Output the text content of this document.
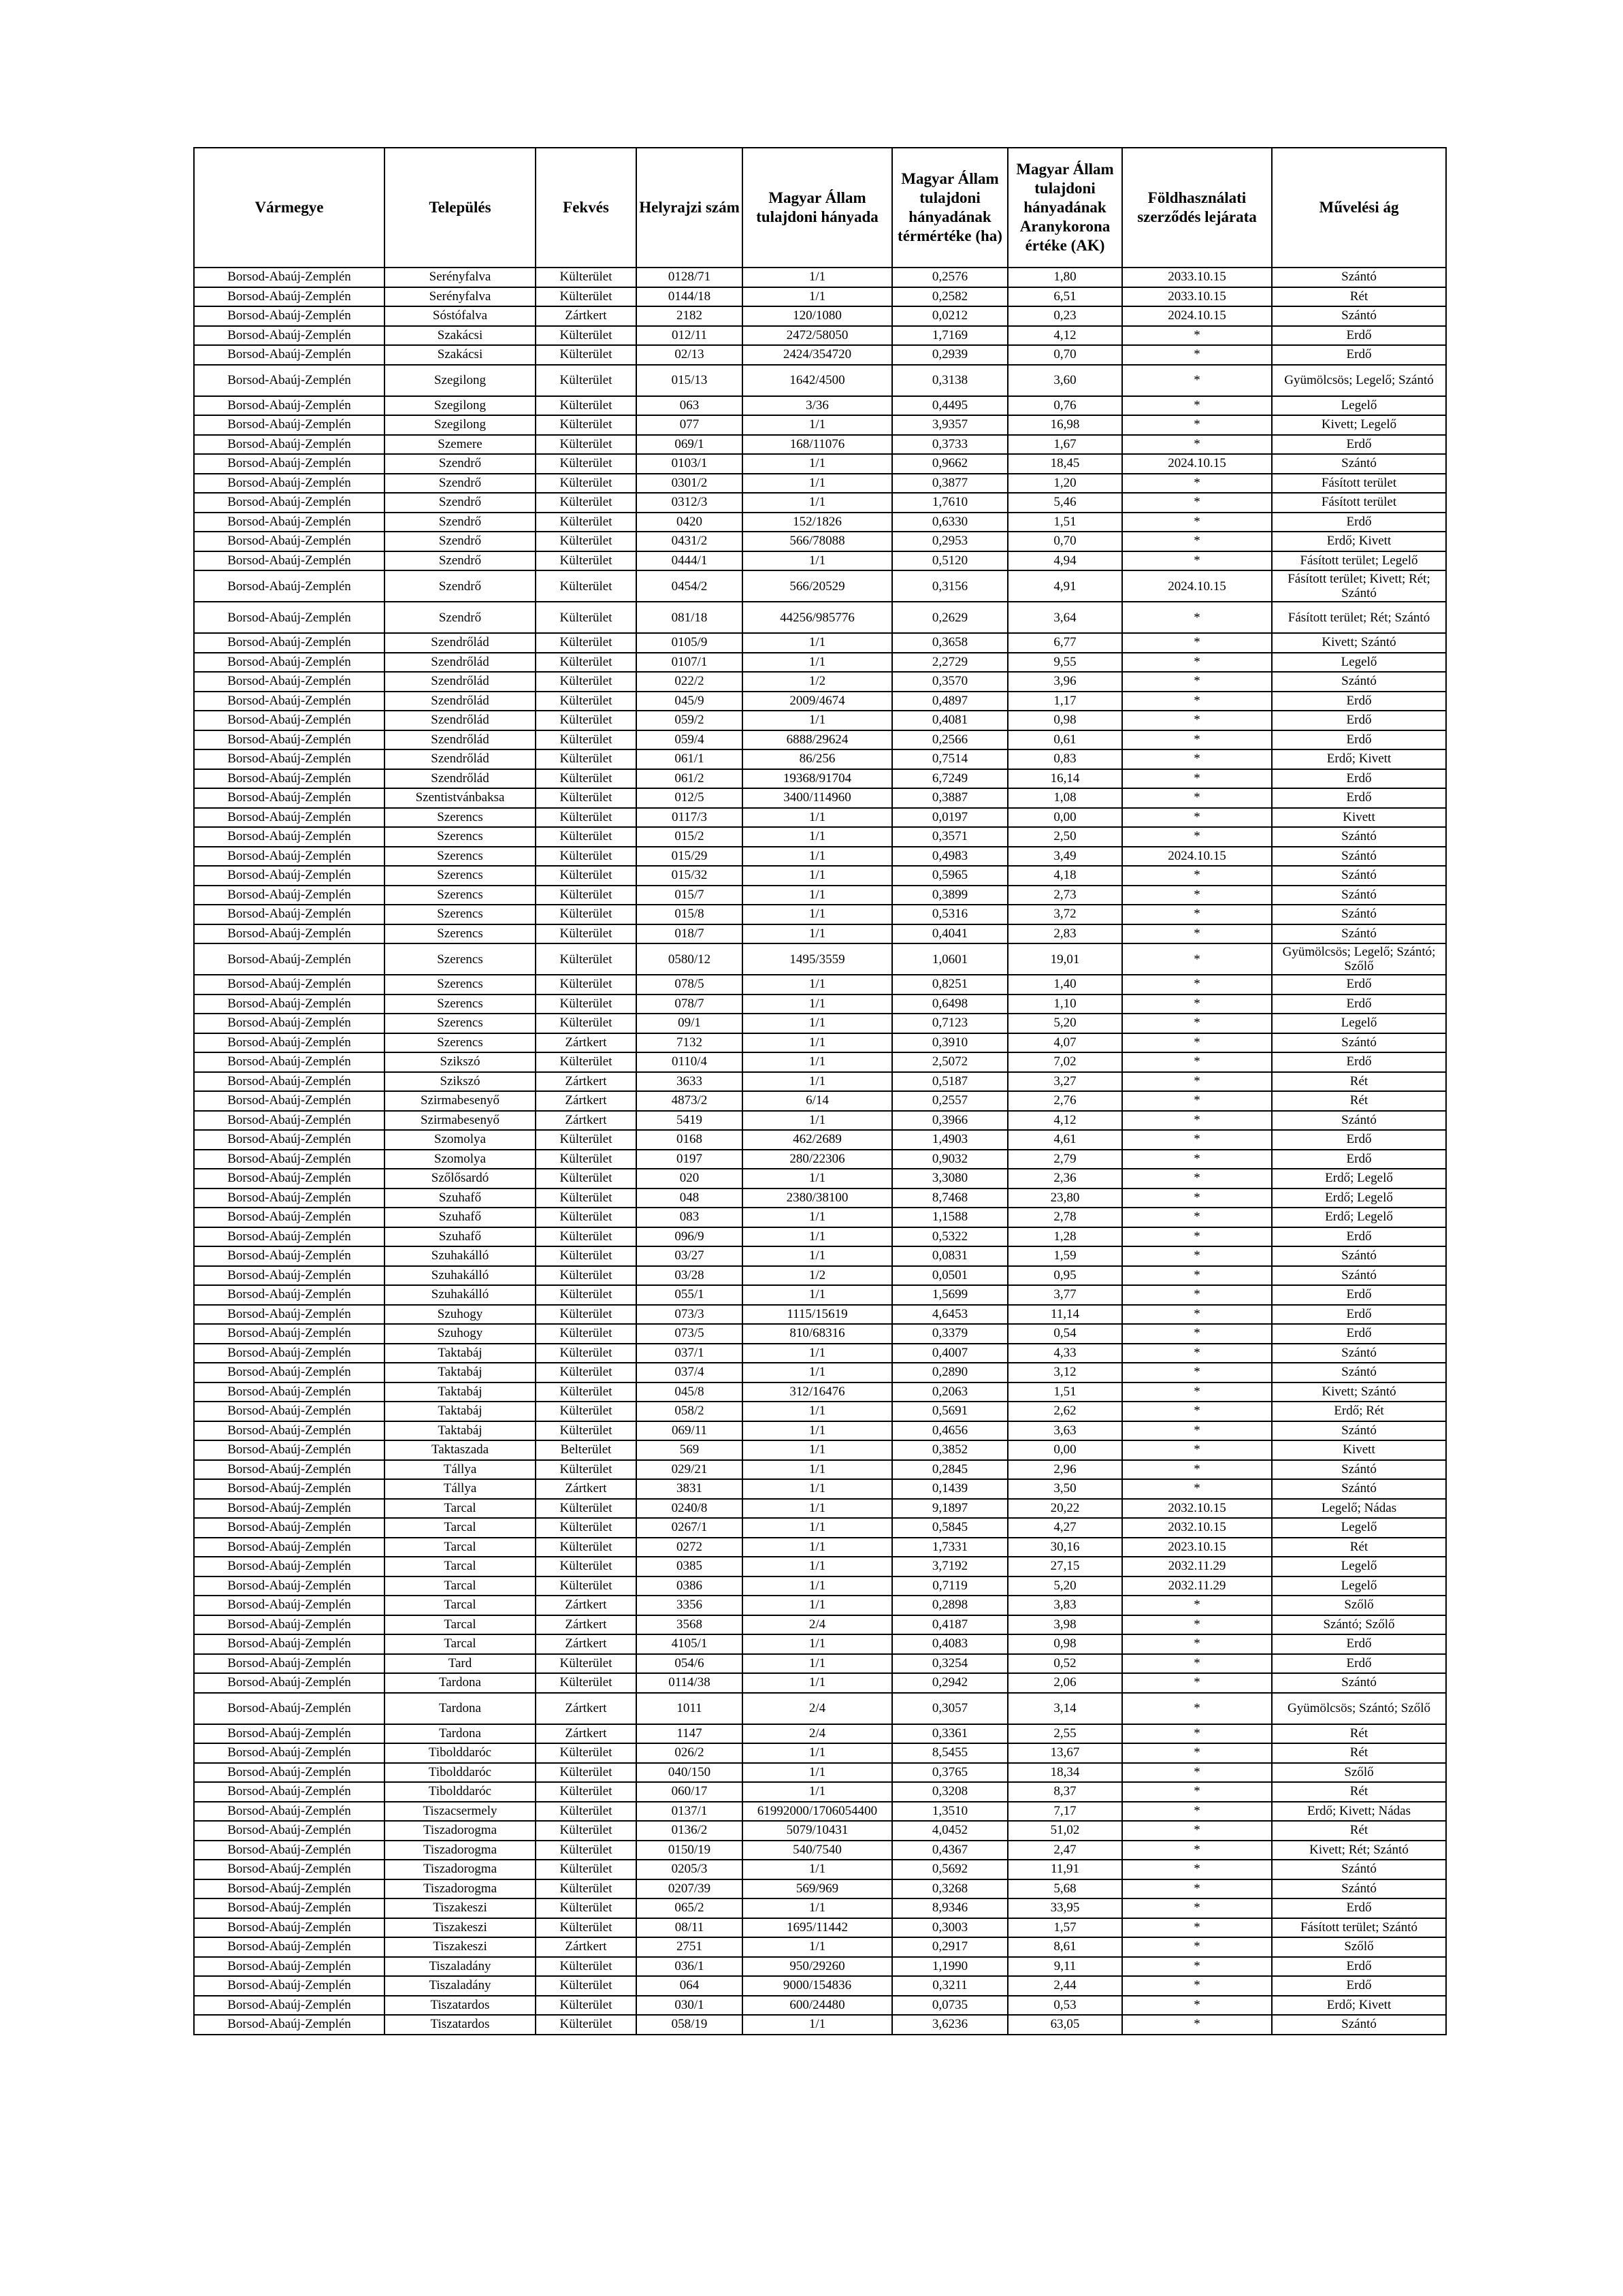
Vármegye	Település	Fekvés	Helyrajzi szám	Magyar Állam tulajdoni hányada	Magyar Állam tulajdoni hányadának térmértéke (ha)	Magyar Állam tulajdoni hányadának Aranykorona értéke (AK)	Földhasználati szerződés lejárata	Művelési ág
Borsod-Abaúj-Zemplén	Serényfalva	Külterület	0128/71	1/1	0,2576	1,80	2033.10.15	Szántó
Borsod-Abaúj-Zemplén	Serényfalva	Külterület	0144/18	1/1	0,2582	6,51	2033.10.15	Rét
Borsod-Abaúj-Zemplén	Sóstófalva	Zártkert	2182	120/1080	0,0212	0,23	2024.10.15	Szántó
Borsod-Abaúj-Zemplén	Szakácsi	Külterület	012/11	2472/58050	1,7169	4,12	*	Erdő
Borsod-Abaúj-Zemplén	Szakácsi	Külterület	02/13	2424/354720	0,2939	0,70	*	Erdő
Borsod-Abaúj-Zemplén	Szegilong	Külterület	015/13	1642/4500	0,3138	3,60	*	Gyümölcsös; Legelő; Szántó
Borsod-Abaúj-Zemplén	Szegilong	Külterület	063	3/36	0,4495	0,76	*	Legelő
Borsod-Abaúj-Zemplén	Szegilong	Külterület	077	1/1	3,9357	16,98	*	Kivett; Legelő
Borsod-Abaúj-Zemplén	Szemere	Külterület	069/1	168/11076	0,3733	1,67	*	Erdő
Borsod-Abaúj-Zemplén	Szendrő	Külterület	0103/1	1/1	0,9662	18,45	2024.10.15	Szántó
Borsod-Abaúj-Zemplén	Szendrő	Külterület	0301/2	1/1	0,3877	1,20	*	Fásított terület
Borsod-Abaúj-Zemplén	Szendrő	Külterület	0312/3	1/1	1,7610	5,46	*	Fásított terület
Borsod-Abaúj-Zemplén	Szendrő	Külterület	0420	152/1826	0,6330	1,51	*	Erdő
Borsod-Abaúj-Zemplén	Szendrő	Külterület	0431/2	566/78088	0,2953	0,70	*	Erdő; Kivett
Borsod-Abaúj-Zemplén	Szendrő	Külterület	0444/1	1/1	0,5120	4,94	*	Fásított terület; Legelő
Borsod-Abaúj-Zemplén	Szendrő	Külterület	0454/2	566/20529	0,3156	4,91	2024.10.15	Fásított terület; Kivett; Rét; Szántó
Borsod-Abaúj-Zemplén	Szendrő	Külterület	081/18	44256/985776	0,2629	3,64	*	Fásított terület; Rét; Szántó
Borsod-Abaúj-Zemplén	Szendrőlád	Külterület	0105/9	1/1	0,3658	6,77	*	Kivett; Szántó
Borsod-Abaúj-Zemplén	Szendrőlád	Külterület	0107/1	1/1	2,2729	9,55	*	Legelő
Borsod-Abaúj-Zemplén	Szendrőlád	Külterület	022/2	1/2	0,3570	3,96	*	Szántó
Borsod-Abaúj-Zemplén	Szendrőlád	Külterület	045/9	2009/4674	0,4897	1,17	*	Erdő
Borsod-Abaúj-Zemplén	Szendrőlád	Külterület	059/2	1/1	0,4081	0,98	*	Erdő
Borsod-Abaúj-Zemplén	Szendrőlád	Külterület	059/4	6888/29624	0,2566	0,61	*	Erdő
Borsod-Abaúj-Zemplén	Szendrőlád	Külterület	061/1	86/256	0,7514	0,83	*	Erdő; Kivett
Borsod-Abaúj-Zemplén	Szendrőlád	Külterület	061/2	19368/91704	6,7249	16,14	*	Erdő
Borsod-Abaúj-Zemplén	Szentistvánbaksa	Külterület	012/5	3400/114960	0,3887	1,08	*	Erdő
Borsod-Abaúj-Zemplén	Szerencs	Külterület	0117/3	1/1	0,0197	0,00	*	Kivett
Borsod-Abaúj-Zemplén	Szerencs	Külterület	015/2	1/1	0,3571	2,50	*	Szántó
Borsod-Abaúj-Zemplén	Szerencs	Külterület	015/29	1/1	0,4983	3,49	2024.10.15	Szántó
Borsod-Abaúj-Zemplén	Szerencs	Külterület	015/32	1/1	0,5965	4,18	*	Szántó
Borsod-Abaúj-Zemplén	Szerencs	Külterület	015/7	1/1	0,3899	2,73	*	Szántó
Borsod-Abaúj-Zemplén	Szerencs	Külterület	015/8	1/1	0,5316	3,72	*	Szántó
Borsod-Abaúj-Zemplén	Szerencs	Külterület	018/7	1/1	0,4041	2,83	*	Szántó
Borsod-Abaúj-Zemplén	Szerencs	Külterület	0580/12	1495/3559	1,0601	19,01	*	Gyümölcsös; Legelő; Szántó; Szőlő
Borsod-Abaúj-Zemplén	Szerencs	Külterület	078/5	1/1	0,8251	1,40	*	Erdő
Borsod-Abaúj-Zemplén	Szerencs	Külterület	078/7	1/1	0,6498	1,10	*	Erdő
Borsod-Abaúj-Zemplén	Szerencs	Külterület	09/1	1/1	0,7123	5,20	*	Legelő
Borsod-Abaúj-Zemplén	Szerencs	Zártkert	7132	1/1	0,3910	4,07	*	Szántó
Borsod-Abaúj-Zemplén	Szikszó	Külterület	0110/4	1/1	2,5072	7,02	*	Erdő
Borsod-Abaúj-Zemplén	Szikszó	Zártkert	3633	1/1	0,5187	3,27	*	Rét
Borsod-Abaúj-Zemplén	Szirmabesenyő	Zártkert	4873/2	6/14	0,2557	2,76	*	Rét
Borsod-Abaúj-Zemplén	Szirmabesenyő	Zártkert	5419	1/1	0,3966	4,12	*	Szántó
Borsod-Abaúj-Zemplén	Szomolya	Külterület	0168	462/2689	1,4903	4,61	*	Erdő
Borsod-Abaúj-Zemplén	Szomolya	Külterület	0197	280/22306	0,9032	2,79	*	Erdő
Borsod-Abaúj-Zemplén	Szőlősardó	Külterület	020	1/1	3,3080	2,36	*	Erdő; Legelő
Borsod-Abaúj-Zemplén	Szuhafő	Külterület	048	2380/38100	8,7468	23,80	*	Erdő; Legelő
Borsod-Abaúj-Zemplén	Szuhafő	Külterület	083	1/1	1,1588	2,78	*	Erdő; Legelő
Borsod-Abaúj-Zemplén	Szuhafő	Külterület	096/9	1/1	0,5322	1,28	*	Erdő
Borsod-Abaúj-Zemplén	Szuhakálló	Külterület	03/27	1/1	0,0831	1,59	*	Szántó
Borsod-Abaúj-Zemplén	Szuhakálló	Külterület	03/28	1/2	0,0501	0,95	*	Szántó
Borsod-Abaúj-Zemplén	Szuhakálló	Külterület	055/1	1/1	1,5699	3,77	*	Erdő
Borsod-Abaúj-Zemplén	Szuhogy	Külterület	073/3	1115/15619	4,6453	11,14	*	Erdő
Borsod-Abaúj-Zemplén	Szuhogy	Külterület	073/5	810/68316	0,3379	0,54	*	Erdő
Borsod-Abaúj-Zemplén	Taktabáj	Külterület	037/1	1/1	0,4007	4,33	*	Szántó
Borsod-Abaúj-Zemplén	Taktabáj	Külterület	037/4	1/1	0,2890	3,12	*	Szántó
Borsod-Abaúj-Zemplén	Taktabáj	Külterület	045/8	312/16476	0,2063	1,51	*	Kivett; Szántó
Borsod-Abaúj-Zemplén	Taktabáj	Külterület	058/2	1/1	0,5691	2,62	*	Erdő; Rét
Borsod-Abaúj-Zemplén	Taktabáj	Külterület	069/11	1/1	0,4656	3,63	*	Szántó
Borsod-Abaúj-Zemplén	Taktaszada	Belterület	569	1/1	0,3852	0,00	*	Kivett
Borsod-Abaúj-Zemplén	Tállya	Külterület	029/21	1/1	0,2845	2,96	*	Szántó
Borsod-Abaúj-Zemplén	Tállya	Zártkert	3831	1/1	0,1439	3,50	*	Szántó
Borsod-Abaúj-Zemplén	Tarcal	Külterület	0240/8	1/1	9,1897	20,22	2032.10.15	Legelő; Nádas
Borsod-Abaúj-Zemplén	Tarcal	Külterület	0267/1	1/1	0,5845	4,27	2032.10.15	Legelő
Borsod-Abaúj-Zemplén	Tarcal	Külterület	0272	1/1	1,7331	30,16	2023.10.15	Rét
Borsod-Abaúj-Zemplén	Tarcal	Külterület	0385	1/1	3,7192	27,15	2032.11.29	Legelő
Borsod-Abaúj-Zemplén	Tarcal	Külterület	0386	1/1	0,7119	5,20	2032.11.29	Legelő
Borsod-Abaúj-Zemplén	Tarcal	Zártkert	3356	1/1	0,2898	3,83	*	Szőlő
Borsod-Abaúj-Zemplén	Tarcal	Zártkert	3568	2/4	0,4187	3,98	*	Szántó; Szőlő
Borsod-Abaúj-Zemplén	Tarcal	Zártkert	4105/1	1/1	0,4083	0,98	*	Erdő
Borsod-Abaúj-Zemplén	Tard	Külterület	054/6	1/1	0,3254	0,52	*	Erdő
Borsod-Abaúj-Zemplén	Tardona	Külterület	0114/38	1/1	0,2942	2,06	*	Szántó
Borsod-Abaúj-Zemplén	Tardona	Zártkert	1011	2/4	0,3057	3,14	*	Gyümölcsös; Szántó; Szőlő
Borsod-Abaúj-Zemplén	Tardona	Zártkert	1147	2/4	0,3361	2,55	*	Rét
Borsod-Abaúj-Zemplén	Tibolddaróc	Külterület	026/2	1/1	8,5455	13,67	*	Rét
Borsod-Abaúj-Zemplén	Tibolddaróc	Külterület	040/150	1/1	0,3765	18,34	*	Szőlő
Borsod-Abaúj-Zemplén	Tibolddaróc	Külterület	060/17	1/1	0,3208	8,37	*	Rét
Borsod-Abaúj-Zemplén	Tiszacsermely	Külterület	0137/1	61992000/1706054400	1,3510	7,17	*	Erdő; Kivett; Nádas
Borsod-Abaúj-Zemplén	Tiszadorogma	Külterület	0136/2	5079/10431	4,0452	51,02	*	Rét
Borsod-Abaúj-Zemplén	Tiszadorogma	Külterület	0150/19	540/7540	0,4367	2,47	*	Kivett; Rét; Szántó
Borsod-Abaúj-Zemplén	Tiszadorogma	Külterület	0205/3	1/1	0,5692	11,91	*	Szántó
Borsod-Abaúj-Zemplén	Tiszadorogma	Külterület	0207/39	569/969	0,3268	5,68	*	Szántó
Borsod-Abaúj-Zemplén	Tiszakeszi	Külterület	065/2	1/1	8,9346	33,95	*	Erdő
Borsod-Abaúj-Zemplén	Tiszakeszi	Külterület	08/11	1695/11442	0,3003	1,57	*	Fásított terület; Szántó
Borsod-Abaúj-Zemplén	Tiszakeszi	Zártkert	2751	1/1	0,2917	8,61	*	Szőlő
Borsod-Abaúj-Zemplén	Tiszaladány	Külterület	036/1	950/29260	1,1990	9,11	*	Erdő
Borsod-Abaúj-Zemplén	Tiszaladány	Külterület	064	9000/154836	0,3211	2,44	*	Erdő
Borsod-Abaúj-Zemplén	Tiszatardos	Külterület	030/1	600/24480	0,0735	0,53	*	Erdő; Kivett
Borsod-Abaúj-Zemplén	Tiszatardos	Külterület	058/19	1/1	3,6236	63,05	*	Szántó
